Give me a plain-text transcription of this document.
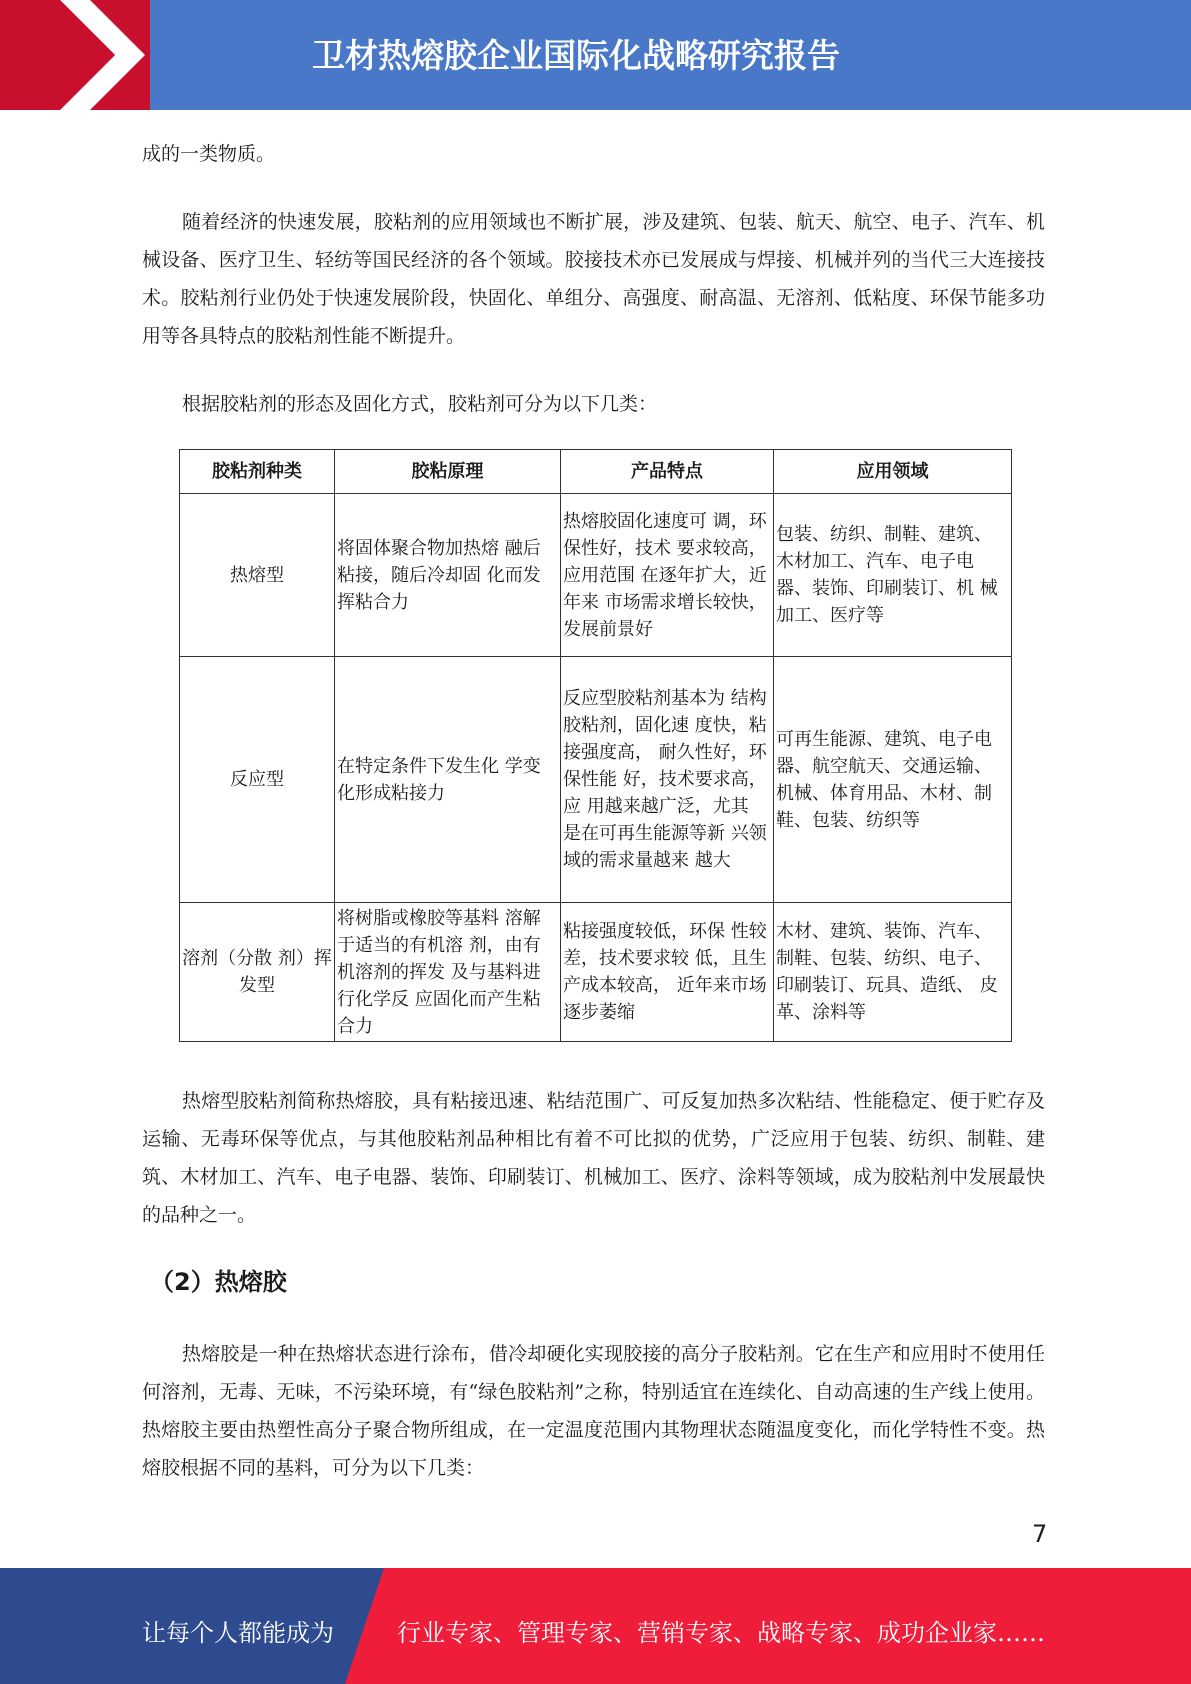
卫材热熔胶企业国际化战略研究报告
成的一类物质。
随着经济的快速发展，胶粘剂的应用领域也不断扩展，涉及建筑、包装、航天、航空、电子、汽车、机械设备、医疗卫生、轻纺等国民经济的各个领域。胶接技术亦已发展成与焊接、机械并列的当代三大连接技术。胶粘剂行业仍处于快速发展阶段，快固化、单组分、高强度、耐高温、无溶剂、低粘度、环保节能多功用等各具特点的胶粘剂性能不断提升。
根据胶粘剂的形态及固化方式，胶粘剂可分为以下几类：
胶粘剂种类	胶粘原理	产品特点	应用领域
热熔型	将固体聚合物加热熔 融后粘接，随后冷却固 化而发挥粘合力	热熔胶固化速度可 调，环保性好，技术 要求较高，应用范围 在逐年扩大，近年来 市场需求增长较快， 发展前景好	包装、纺织、制鞋、建筑、 木材加工、汽车、电子电 器、装饰、印刷装订、机 械加工、医疗等
反应型	在特定条件下发生化 学变化形成粘接力	反应型胶粘剂基本为 结构胶粘剂，固化速 度快，粘接强度高， 耐久性好，环保性能 好，技术要求高，应 用越来越广泛，尤其 是在可再生能源等新 兴领域的需求量越来 越大	可再生能源、建筑、电子电器、航空航天、交通运输、机械、体育用品、木材、制鞋、包装、纺织等
溶剂（分散 剂）挥发型	将树脂或橡胶等基料 溶解于适当的有机溶 剂，由有机溶剂的挥发 及与基料进行化学反 应固化而产生粘合力	粘接强度较低，环保 性较差，技术要求较 低，且生产成本较高， 近年来市场逐步萎缩	木材、建筑、装饰、汽车、 制鞋、包装、纺织、电子、 印刷装订、玩具、造纸、 皮革、涂料等
热熔型胶粘剂简称热熔胶，具有粘接迅速、粘结范围广、可反复加热多次粘结、性能稳定、便于贮存及运输、无毒环保等优点，与其他胶粘剂品种相比有着不可比拟的优势，广泛应用于包装、纺织、制鞋、建筑、木材加工、汽车、电子电器、装饰、印刷装订、机械加工、医疗、涂料等领域，成为胶粘剂中发展最快的品种之一。
（2）热熔胶
热熔胶是一种在热熔状态进行涂布，借冷却硬化实现胶接的高分子胶粘剂。它在生产和应用时不使用任何溶剂，无毒、无味，不污染环境，有“绿色胶粘剂”之称，特别适宜在连续化、自动高速的生产线上使用。热熔胶主要由热塑性高分子聚合物所组成，在一定温度范围内其物理状态随温度变化，而化学特性不变。热熔胶根据不同的基料，可分为以下几类：
7
让每个人都能成为	行业专家、管理专家、营销专家、战略专家、成功企业家……
